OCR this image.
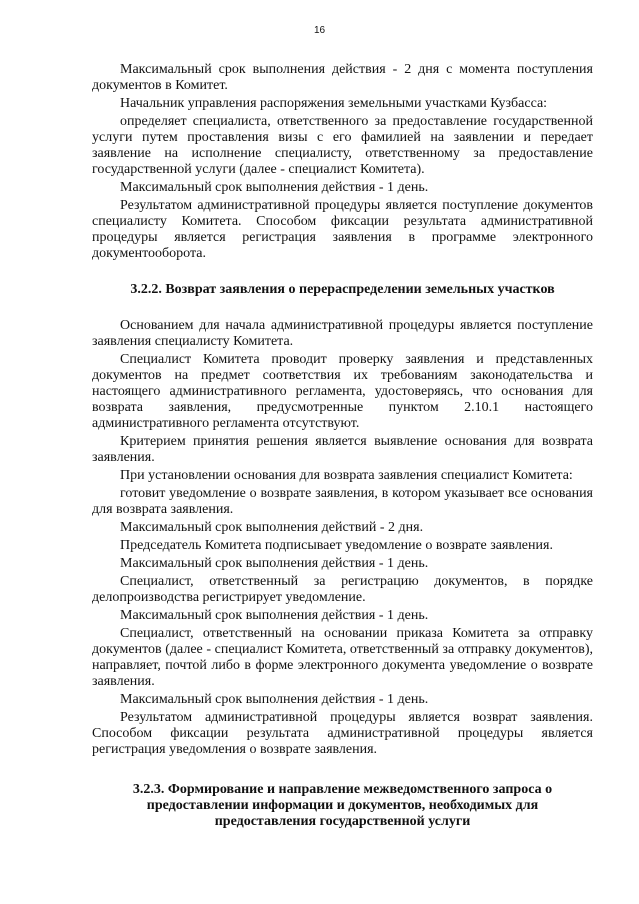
16

Максимальный срок выполнения действия - 2 дня с момента поступления документов в Комитет.

Начальник управления распоряжения земельными участками Кузбасса:

определяет специалиста, ответственного за предоставление государственной услуги путем проставления визы с его фамилией на заявлении и передает заявление на исполнение специалисту, ответственному за предоставление государственной услуги (далее - специалист Комитета).

Максимальный срок выполнения действия - 1 день.

Результатом административной процедуры является поступление документов специалисту Комитета. Способом фиксации результата административной процедуры является регистрация заявления в программе электронного документооборота.

3.2.2. Возврат заявления о перераспределении земельных участков

Основанием для начала административной процедуры является поступление заявления специалисту Комитета.

Специалист Комитета проводит проверку заявления и представленных документов на предмет соответствия их требованиям законодательства и настоящего административного регламента, удостоверяясь, что основания для возврата заявления, предусмотренные пунктом 2.10.1 настоящего административного регламента отсутствуют.

Критерием принятия решения является выявление основания для возврата заявления.

При установлении основания для возврата заявления специалист Комитета:

готовит уведомление о возврате заявления, в котором указывает все основания для возврата заявления.

Максимальный срок выполнения действий - 2 дня.

Председатель Комитета подписывает уведомление о возврате заявления.

Максимальный срок выполнения действия - 1 день.

Специалист, ответственный за регистрацию документов, в порядке делопроизводства регистрирует уведомление.

Максимальный срок выполнения действия - 1 день.

Специалист, ответственный на основании приказа Комитета за отправку документов (далее - специалист Комитета, ответственный за отправку документов), направляет, почтой либо в форме электронного документа уведомление о возврате заявления.

Максимальный срок выполнения действия - 1 день.

Результатом административной процедуры является возврат заявления. Способом фиксации результата административной процедуры является регистрация уведомления о возврате заявления.

3.2.3. Формирование и направление межведомственного запроса о
предоставлении информации и документов, необходимых для
предоставления государственной услуги
